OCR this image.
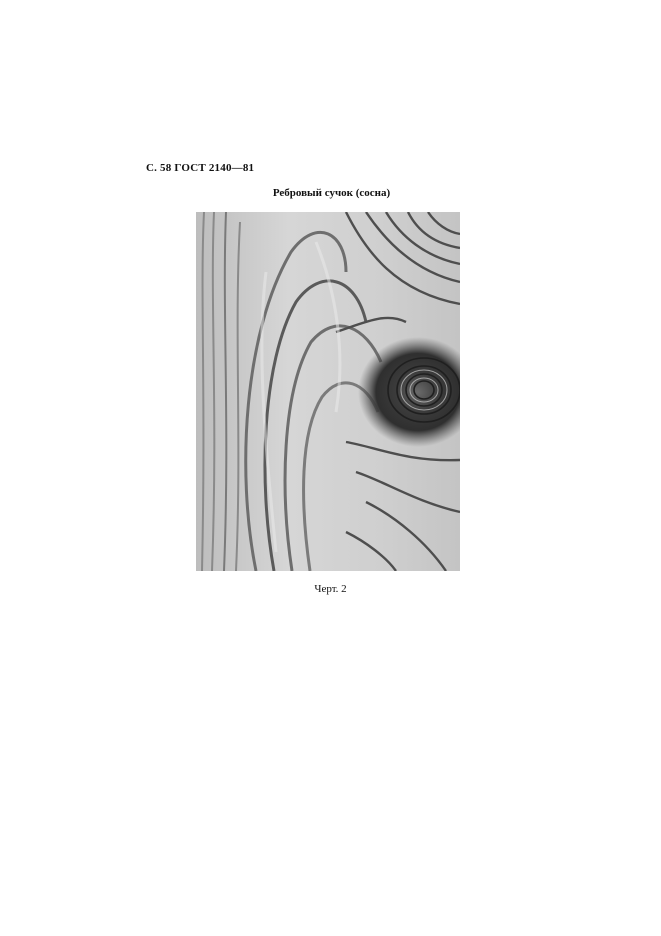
С. 58 ГОСТ 2140—81
Ребровый сучок (сосна)
Черт. 2
